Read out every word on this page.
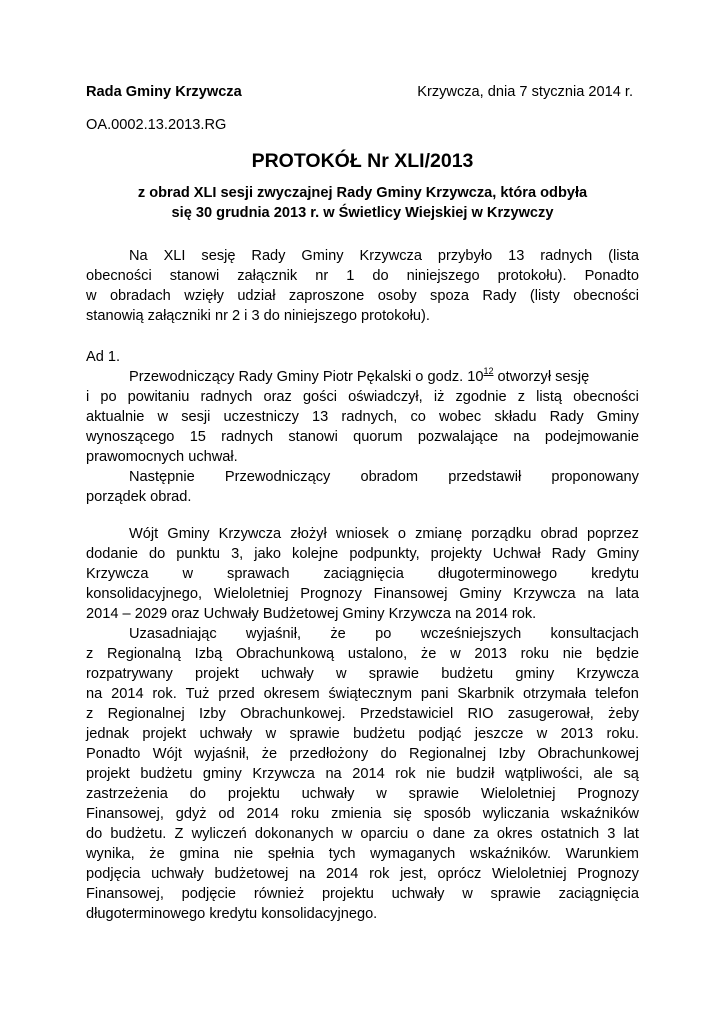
Rada Gminy Krzywcza	Krzywcza, dnia 7 stycznia 2014 r.
OA.0002.13.2013.RG
PROTOKÓŁ Nr XLI/2013
z obrad XLI sesji zwyczajnej Rady Gminy Krzywcza, która odbyła
się 30 grudnia 2013 r. w Świetlicy Wiejskiej w Krzywczy
Na XLI sesję Rady Gminy Krzywcza przybyło 13 radnych (lista
obecności stanowi załącznik nr 1 do niniejszego protokołu). Ponadto
w obradach wzięły udział zaproszone osoby spoza Rady (listy obecności
stanowią załączniki nr 2 i 3 do niniejszego protokołu).
Ad 1.
Przewodniczący Rady Gminy Piotr Pękalski o godz. $10^{12}$ otworzył sesję
i po powitaniu radnych oraz gości oświadczył, iż zgodnie z listą obecności
aktualnie w sesji uczestniczy 13 radnych, co wobec składu Rady Gminy
wynoszącego 15 radnych stanowi quorum pozwalające na podejmowanie
prawomocnych uchwał.
Następnie Przewodniczący obradom przedstawił proponowany
porządek obrad.
Wójt Gminy Krzywcza złożył wniosek o zmianę porządku obrad poprzez
dodanie do punktu 3, jako kolejne podpunkty, projekty Uchwał Rady Gminy
Krzywcza w sprawach zaciągnięcia długoterminowego kredytu
konsolidacyjnego, Wieloletniej Prognozy Finansowej Gminy Krzywcza na lata
2014 – 2029 oraz Uchwały Budżetowej Gminy Krzywcza na 2014 rok.
Uzasadniając wyjaśnił, że po wcześniejszych konsultacjach
z Regionalną Izbą Obrachunkową ustalono, że w 2013 roku nie będzie
rozpatrywany projekt uchwały w sprawie budżetu gminy Krzywcza
na 2014 rok. Tuż przed okresem świątecznym pani Skarbnik otrzymała telefon
z Regionalnej Izby Obrachunkowej. Przedstawiciel RIO zasugerował, żeby
jednak projekt uchwały w sprawie budżetu podjąć jeszcze w 2013 roku.
Ponadto Wójt wyjaśnił, że przedłożony do Regionalnej Izby Obrachunkowej
projekt budżetu gminy Krzywcza na 2014 rok nie budził wątpliwości, ale są
zastrzeżenia do projektu uchwały w sprawie Wieloletniej Prognozy
Finansowej, gdyż od 2014 roku zmienia się sposób wyliczania wskaźników
do budżetu. Z wyliczeń dokonanych w oparciu o dane za okres ostatnich 3 lat
wynika, że gmina nie spełnia tych wymaganych wskaźników. Warunkiem
podjęcia uchwały budżetowej na 2014 rok jest, oprócz Wieloletniej Prognozy
Finansowej, podjęcie również projektu uchwały w sprawie zaciągnięcia
długoterminowego kredytu konsolidacyjnego.
